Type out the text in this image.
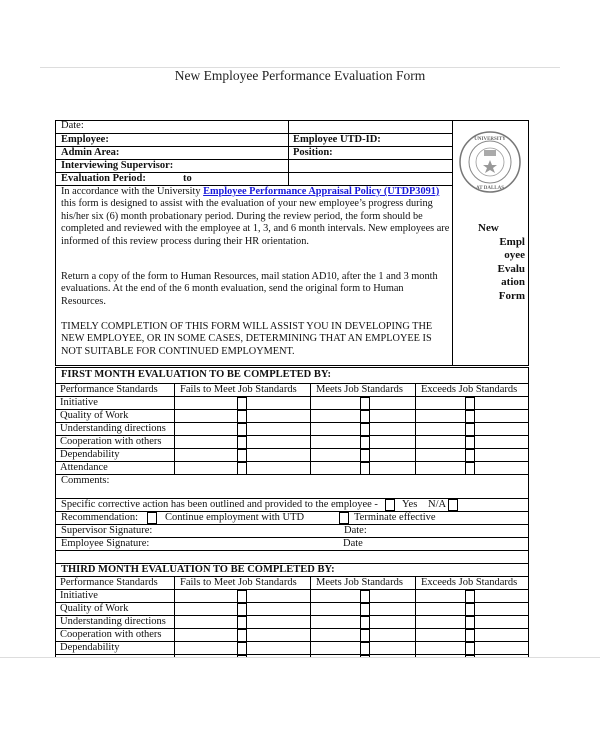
New Employee Performance Evaluation Form
Date:
Employee:	Employee UTD-ID:
Admin Area:	Position:
Interviewing Supervisor:
Evaluation Period:	to
In accordance with the University Employee Performance Appraisal Policy (UTDP3091) this form is designed to assist with the evaluation of your new employee’s progress during his/her six (6) month probationary period. During the review period, the form should be completed and reviewed with the employee at 1, 3, and 6 month intervals. New employees are informed of this review process during their HR orientation.
Return a copy of the form to Human Resources, mail station AD10, after the 1 and 3 month evaluations. At the end of the 6 month evaluation, send the original form to Human Resources.
TIMELY COMPLETION OF THIS FORM WILL ASSIST YOU IN DEVELOPING THE NEW EMPLOYEE, OR IN SOME CASES, DETERMINING THAT AN EMPLOYEE IS NOT SUITABLE FOR CONTINUED EMPLOYMENT.
UNIVERSITY
AT DALLAS
New
Empl
oyee
Evalu
ation
Form
FIRST MONTH EVALUATION TO BE COMPLETED BY:
Performance Standards	Fails to Meet Job Standards	Meets Job Standards	Exceeds Job Standards
Initiative
Quality of Work
Understanding directions
Cooperation with others
Dependability
Attendance
Comments:
Specific corrective action has been outlined and provided to the employee - Yes N/A
Recommendation:	Continue employment with UTD	Terminate effective
Supervisor Signature:	Date:
Employee Signature:	Date
THIRD MONTH EVALUATION TO BE COMPLETED BY:
Performance Standards	Fails to Meet Job Standards	Meets Job Standards	Exceeds Job Standards
Initiative
Quality of Work
Understanding directions
Cooperation with others
Dependability
